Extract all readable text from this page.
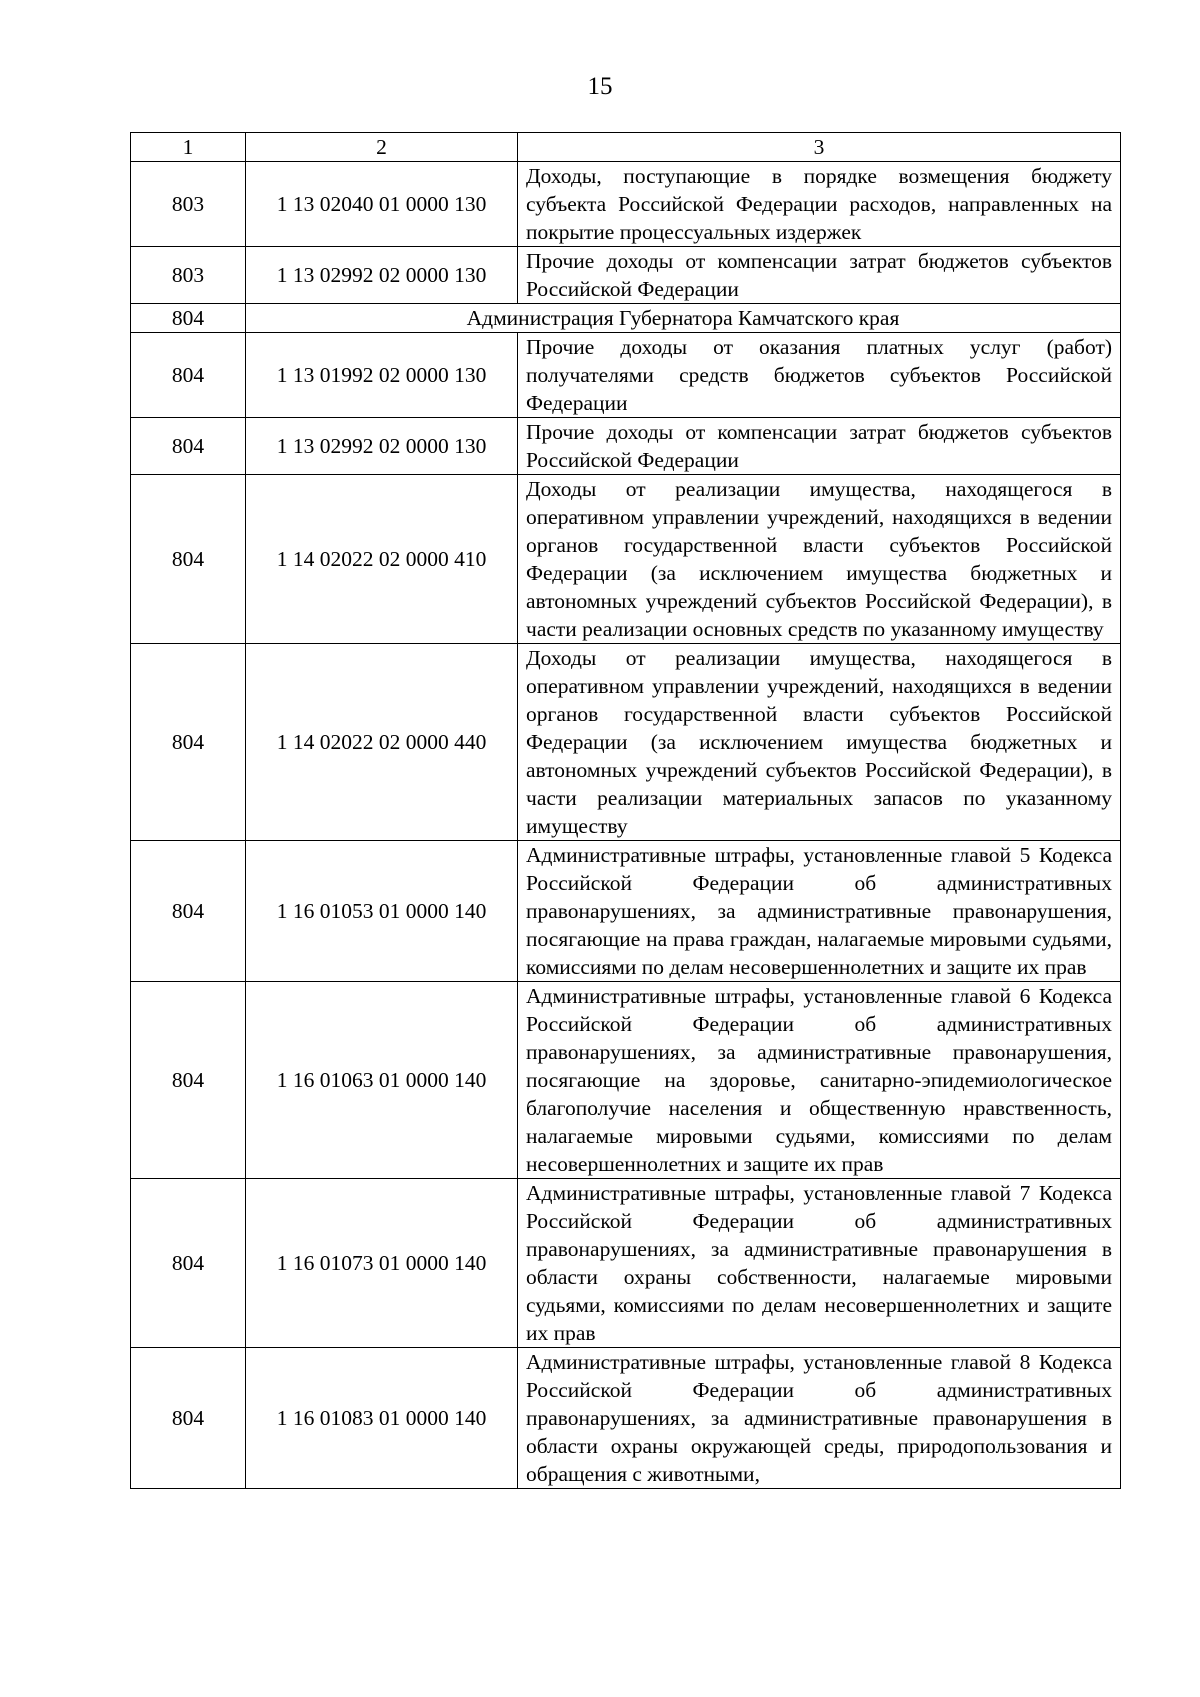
15
1	2	3
803	1 13 02040 01 0000 130	Доходы, поступающие в порядке возмещения бюджету субъекта Российской Федерации расходов, направленных на покрытие процессуальных издержек
803	1 13 02992 02 0000 130	Прочие доходы от компенсации затрат бюджетов субъектов Российской Федерации
804	Администрация Губернатора Камчатского края	
804	1 13 01992 02 0000 130	Прочие доходы от оказания платных услуг (работ) получателями средств бюджетов субъектов Российской Федерации
804	1 13 02992 02 0000 130	Прочие доходы от компенсации затрат бюджетов субъектов Российской Федерации
804	1 14 02022 02 0000 410	Доходы от реализации имущества, находящегося в оперативном управлении учреждений, находящихся в ведении органов государственной власти субъектов Российской Федерации (за исключением имущества бюджетных и автономных учреждений субъектов Российской Федерации), в части реализации основных средств по указанному имуществу
804	1 14 02022 02 0000 440	Доходы от реализации имущества, находящегося в оперативном управлении учреждений, находящихся в ведении органов государственной власти субъектов Российской Федерации (за исключением имущества бюджетных и автономных учреждений субъектов Российской Федерации), в части реализации материальных запасов по указанному имуществу
804	1 16 01053 01 0000 140	Административные штрафы, установленные главой 5 Кодекса Российской Федерации об административных правонарушениях, за административные правонарушения, посягающие на права граждан, налагаемые мировыми судьями, комиссиями по делам несовершеннолетних и защите их прав
804	1 16 01063 01 0000 140	Административные штрафы, установленные главой 6 Кодекса Российской Федерации об административных правонарушениях, за административные правонарушения, посягающие на здоровье, санитарно-эпидемиологическое благополучие населения и общественную нравственность, налагаемые мировыми судьями, комиссиями по делам несовершеннолетних и защите их прав
804	1 16 01073 01 0000 140	Административные штрафы, установленные главой 7 Кодекса Российской Федерации об административных правонарушениях, за административные правонарушения в области охраны собственности, налагаемые мировыми судьями, комиссиями по делам несовершеннолетних и защите их прав
804	1 16 01083 01 0000 140	Административные штрафы, установленные главой 8 Кодекса Российской Федерации об административных правонарушениях, за административные правонарушения в области охраны окружающей среды, природопользования и обращения с животными,
